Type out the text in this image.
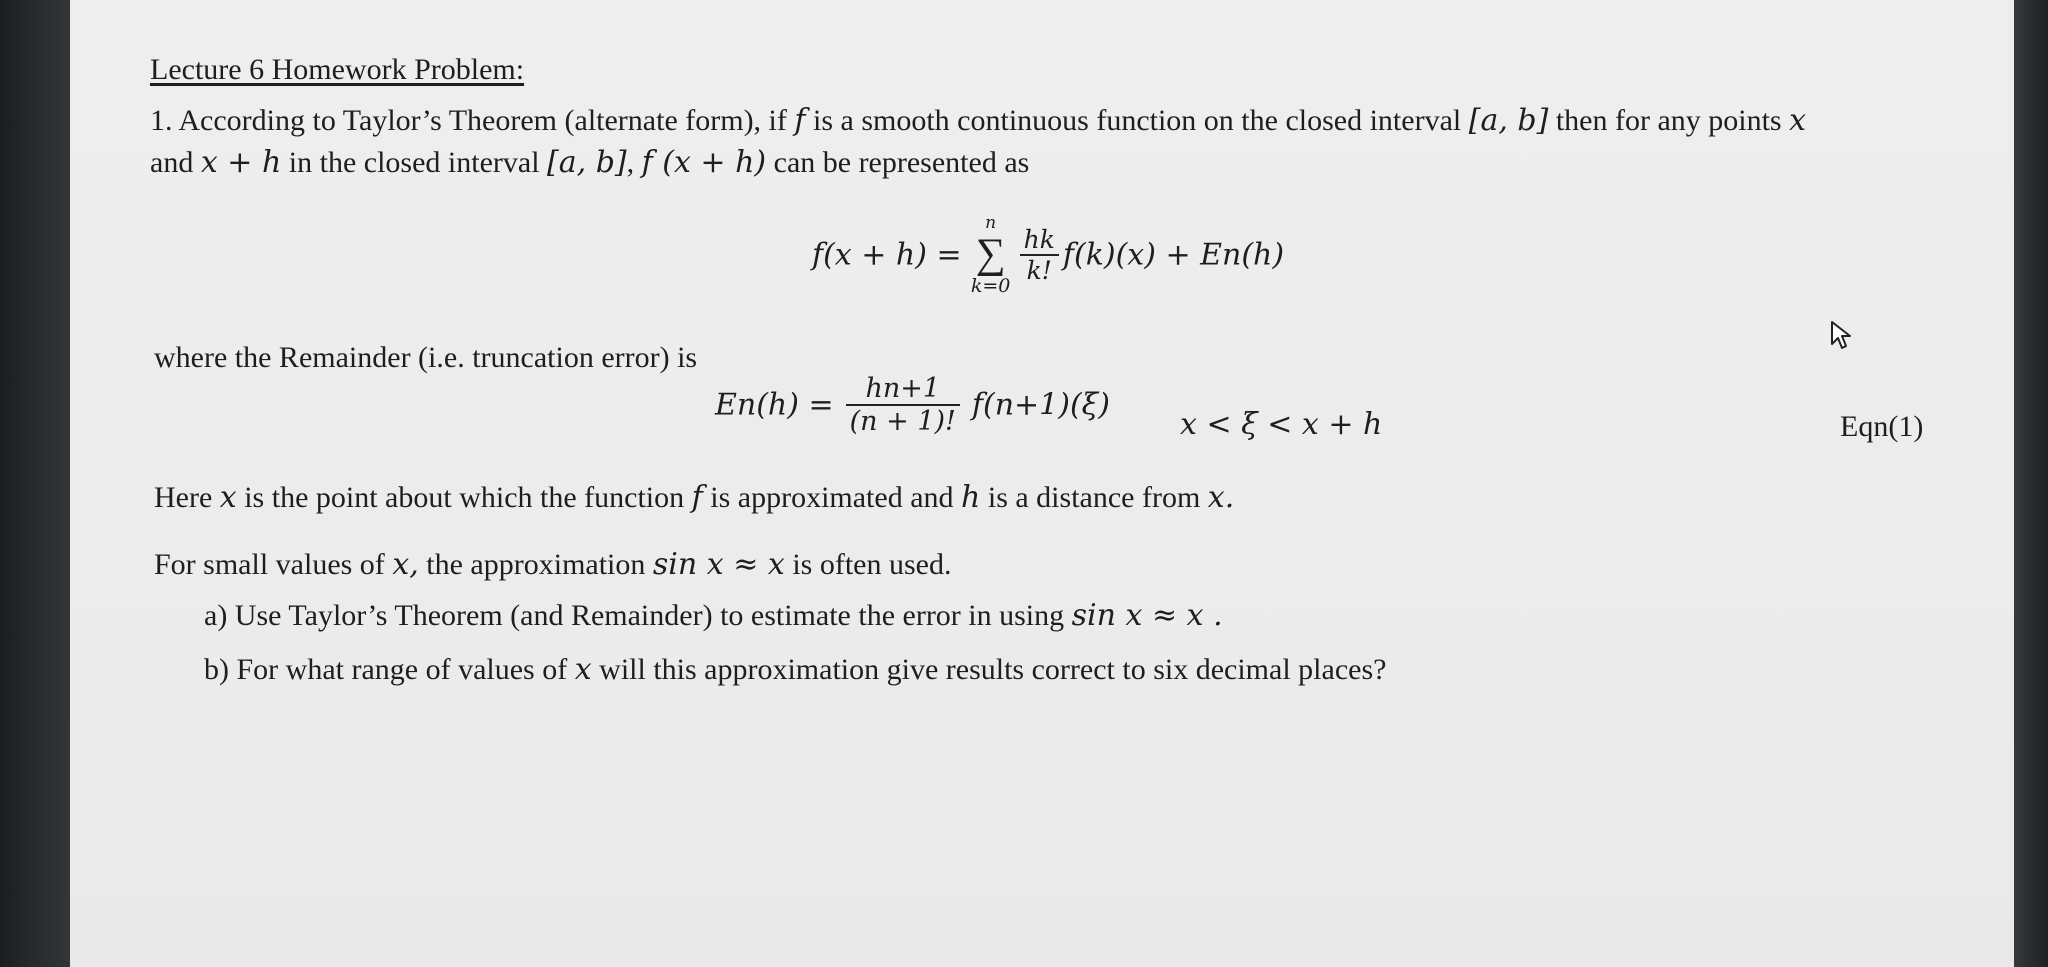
Lecture 6 Homework Problem:
1. According to Taylor’s Theorem (alternate form), if f is a smooth continuous function on the closed interval [a, b] then for any points x
and x + h in the closed interval [a, b], f (x + h) can be represented as
f(x + h) =
n
∑
k=0

$\frac{hk}{k!} f(k)(x) + En(h)$
where the Remainder (i.e. truncation error) is
$En(h) = \frac{hn+1}{(n + 1)!} f(n+1)(\xi)$
x < ξ < x + h	Eqn(1)
Here x is the point about which the function f is approximated and h is a distance from x.
For small values of x, the approximation sin x ≈ x is often used.
a) Use Taylor’s Theorem (and Remainder) to estimate the error in using sin x ≈ x .
b) For what range of values of x will this approximation give results correct to six decimal places?
